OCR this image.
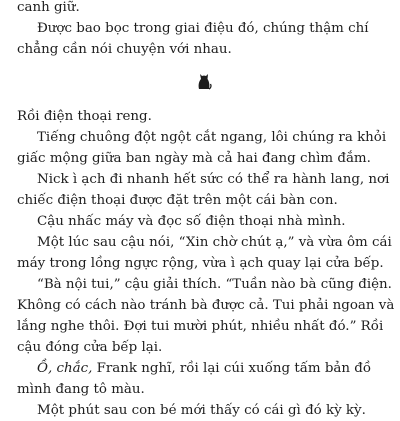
canh giữ.
Được bao bọc trong giai điệu đó, chúng thậm chí
chẳng cần nói chuyện với nhau.
Rồi điện thoại reng.
Tiếng chuông đột ngột cắt ngang, lôi chúng ra khỏi
giấc mộng giữa ban ngày mà cả hai đang chìm đắm.
Nick ì ạch đi nhanh hết sức có thể ra hành lang, nơi
chiếc điện thoại được đặt trên một cái bàn con.
Cậu nhấc máy và đọc số điện thoại nhà mình.
Một lúc sau cậu nói, “Xin chờ chút ạ,” và vừa ôm cái
máy trong lồng ngực rộng, vừa ì ạch quay lại cửa bếp.
“Bà nội tui,” cậu giải thích. “Tuần nào bà cũng điện.
Không có cách nào tránh bà được cả. Tui phải ngoan và
lắng nghe thôi. Đợi tui mười phút, nhiều nhất đó.” Rồi
cậu đóng cửa bếp lại.
Ồ, chắc, Frank nghĩ, rồi lại cúi xuống tấm bản đồ
mình đang tô màu.
Một phút sau con bé mới thấy có cái gì đó kỳ kỳ.
